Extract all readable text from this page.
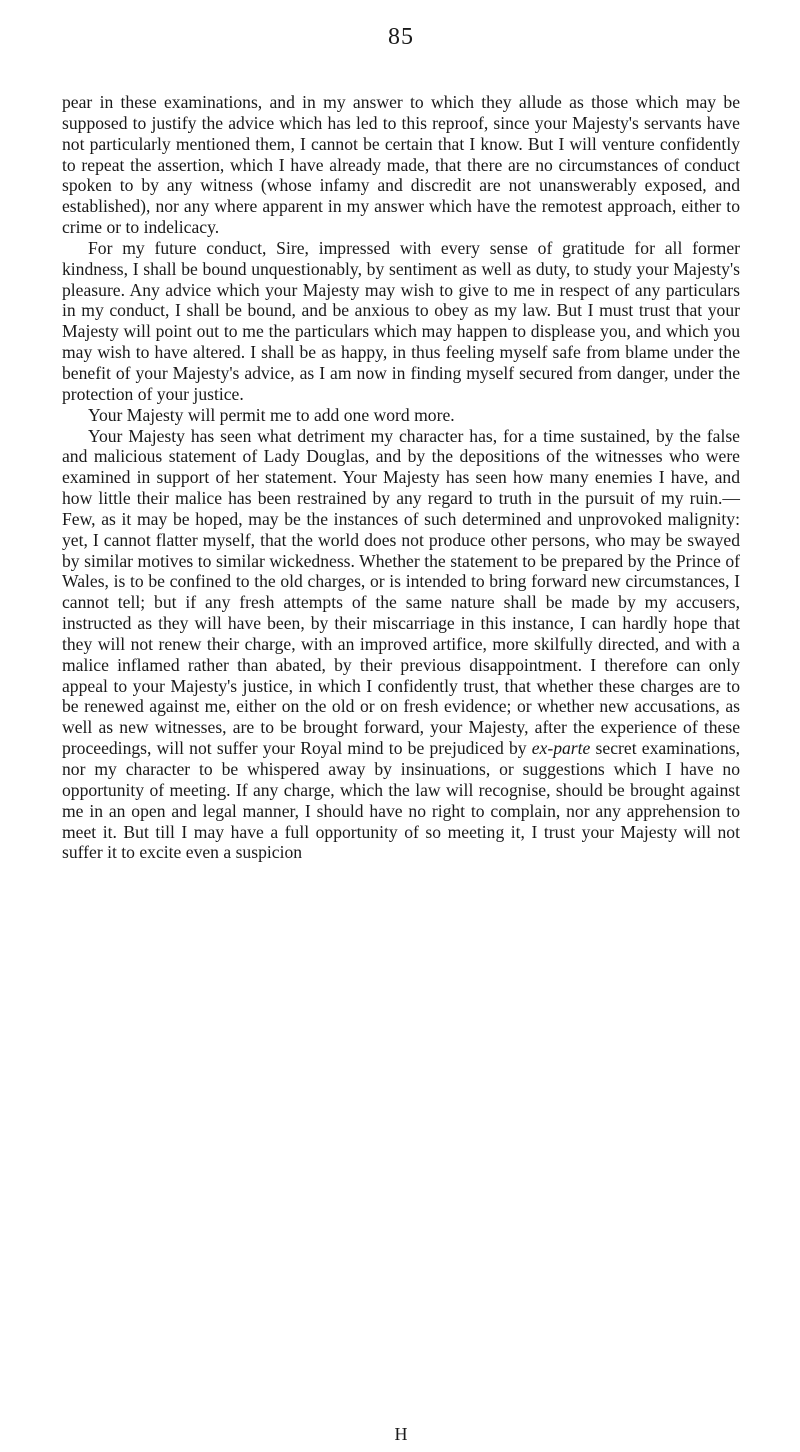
85

pear in these examinations, and in my answer to which they allude as those which may be supposed to justify the advice which has led to this reproof, since your Majesty's servants have not particularly mentioned them, I cannot be certain that I know. But I will venture confidently to repeat the assertion, which I have already made, that there are no circumstances of conduct spoken to by any witness (whose infamy and discredit are not unanswerably exposed, and established), nor any where apparent in my answer which have the remotest approach, either to crime or to indelicacy.

For my future conduct, Sire, impressed with every sense of gratitude for all former kindness, I shall be bound unquestionably, by sentiment as well as duty, to study your Majesty's pleasure. Any advice which your Majesty may wish to give to me in respect of any particulars in my conduct, I shall be bound, and be anxious to obey as my law. But I must trust that your Majesty will point out to me the particulars which may happen to displease you, and which you may wish to have altered. I shall be as happy, in thus feeling myself safe from blame under the benefit of your Majesty's advice, as I am now in finding myself secured from danger, under the protection of your justice.

Your Majesty will permit me to add one word more.

Your Majesty has seen what detriment my character has, for a time sustained, by the false and malicious statement of Lady Douglas, and by the depositions of the witnesses who were examined in support of her statement. Your Majesty has seen how many enemies I have, and how little their malice has been restrained by any regard to truth in the pursuit of my ruin.— Few, as it may be hoped, may be the instances of such determined and unprovoked malignity: yet, I cannot flatter myself, that the world does not produce other persons, who may be swayed by similar motives to similar wickedness. Whether the statement to be prepared by the Prince of Wales, is to be confined to the old charges, or is intended to bring forward new circumstances, I cannot tell; but if any fresh attempts of the same nature shall be made by my accusers, instructed as they will have been, by their miscarriage in this instance, I can hardly hope that they will not renew their charge, with an improved artifice, more skilfully directed, and with a malice inflamed rather than abated, by their previous disappointment. I therefore can only appeal to your Majesty's justice, in which I confidently trust, that whether these charges are to be renewed against me, either on the old or on fresh evidence; or whether new accusations, as well as new witnesses, are to be brought forward, your Majesty, after the experience of these proceedings, will not suffer your Royal mind to be prejudiced by ex-parte secret examinations, nor my character to be whispered away by insinuations, or suggestions which I have no opportunity of meeting. If any charge, which the law will recognise, should be brought against me in an open and legal manner, I should have no right to complain, nor any apprehension to meet it. But till I may have a full opportunity of so meeting it, I trust your Majesty will not suffer it to excite even a suspicion

H
